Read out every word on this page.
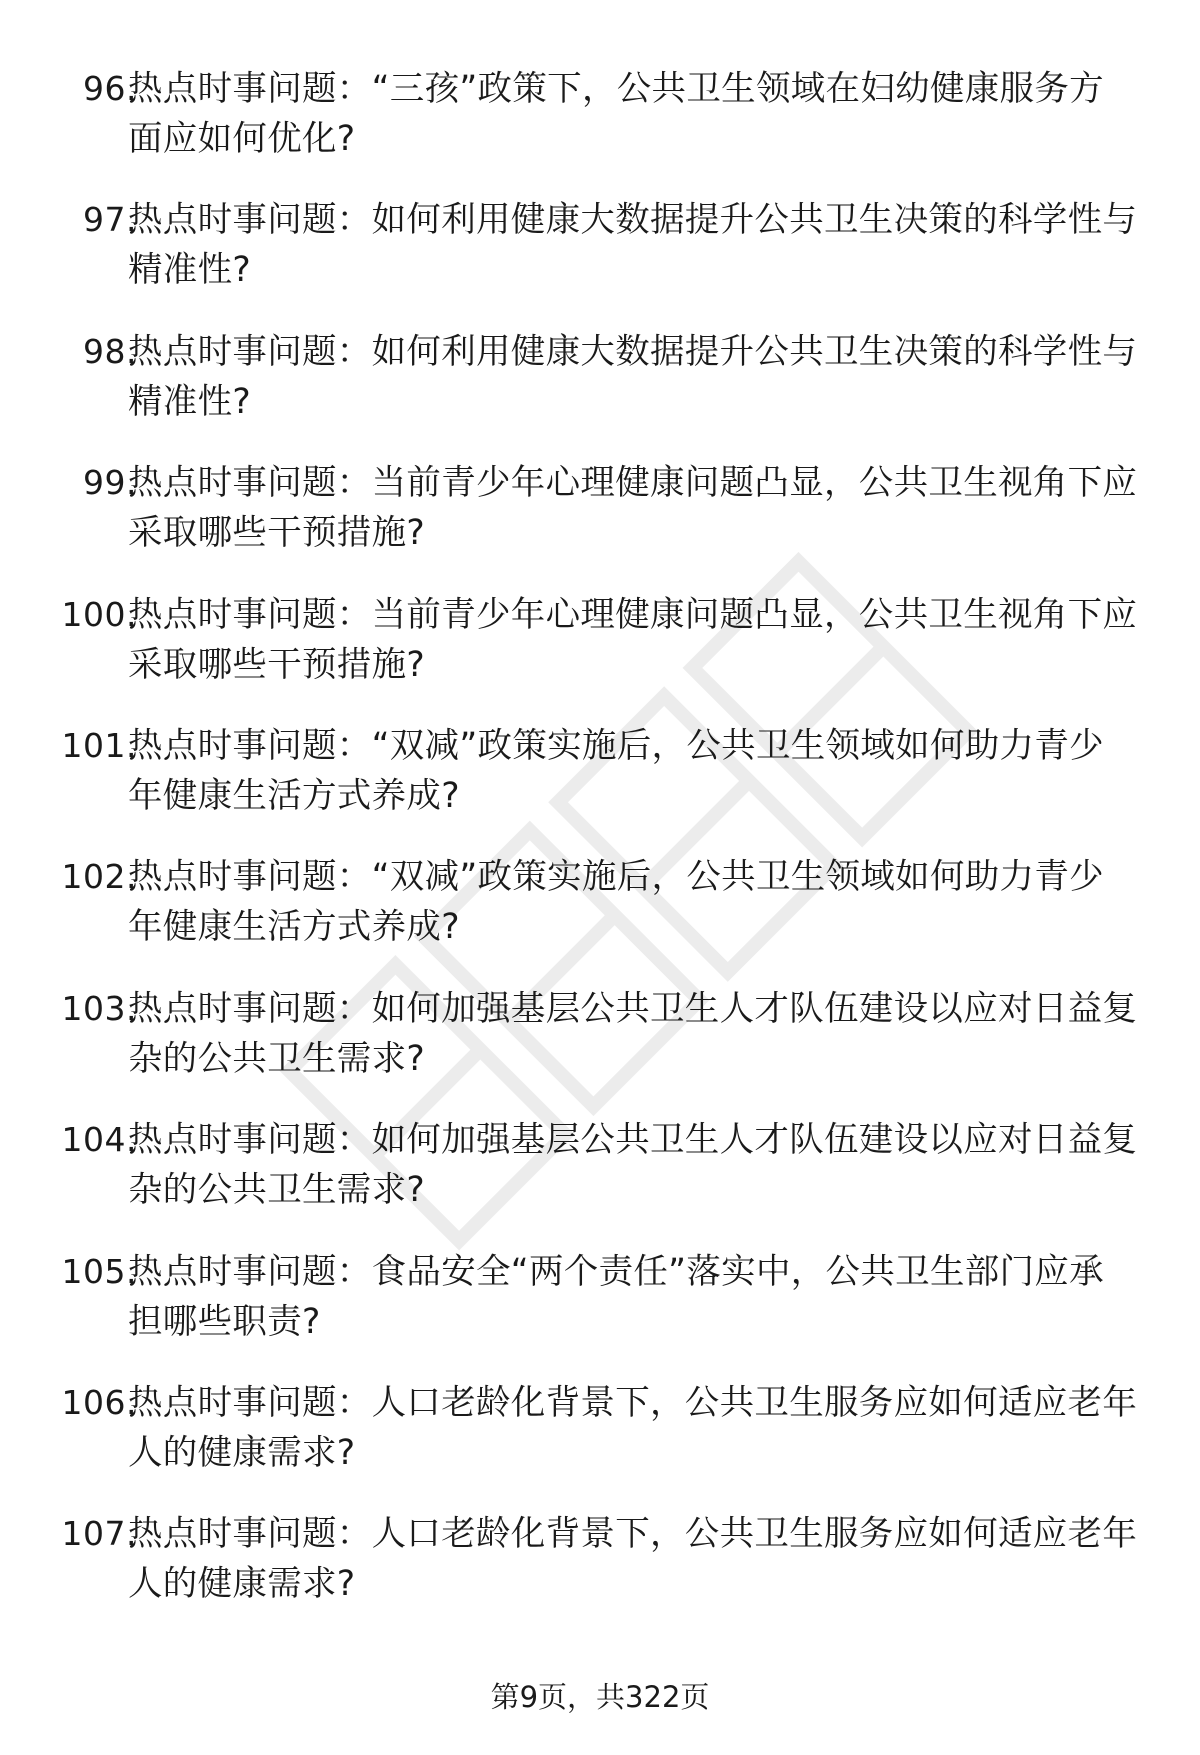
96.
热点时事问题：“三孩”政策下，公共卫生领域在妇幼健康服务方面应如何优化?
97.
热点时事问题：如何利用健康大数据提升公共卫生决策的科学性与精准性?
98.
热点时事问题：如何利用健康大数据提升公共卫生决策的科学性与精准性?
99.
热点时事问题：当前青少年心理健康问题凸显，公共卫生视角下应采取哪些干预措施?
100.
热点时事问题：当前青少年心理健康问题凸显，公共卫生视角下应采取哪些干预措施?
101.
热点时事问题：“双减”政策实施后，公共卫生领域如何助力青少年健康生活方式养成?
102.
热点时事问题：“双减”政策实施后，公共卫生领域如何助力青少年健康生活方式养成?
103.
热点时事问题：如何加强基层公共卫生人才队伍建设以应对日益复杂的公共卫生需求?
104.
热点时事问题：如何加强基层公共卫生人才队伍建设以应对日益复杂的公共卫生需求?
105.
热点时事问题：食品安全“两个责任”落实中，公共卫生部门应承担哪些职责?
106.
热点时事问题：人口老龄化背景下，公共卫生服务应如何适应老年人的健康需求?
107.
热点时事问题：人口老龄化背景下，公共卫生服务应如何适应老年人的健康需求?
第9页，共322页
